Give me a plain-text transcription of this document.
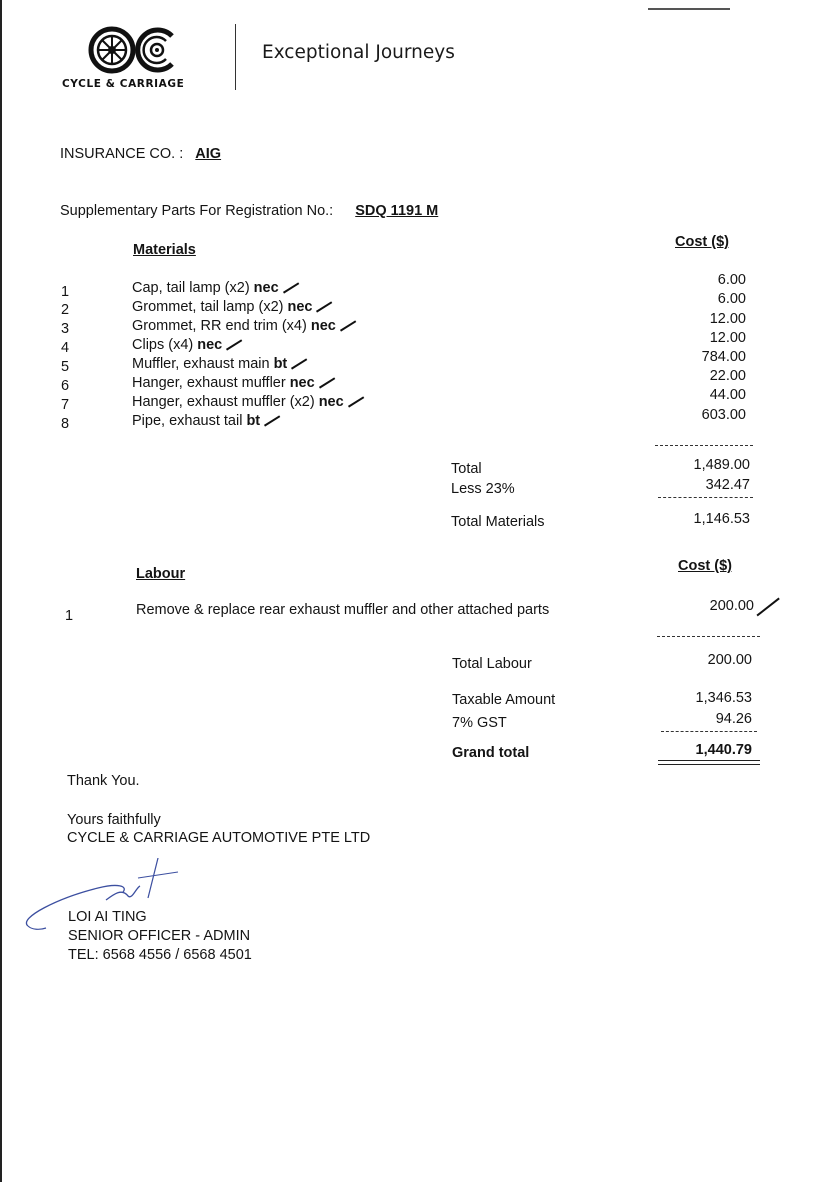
CYCLE & CARRIAGE
Exceptional Journeys
INSURANCE CO. : AIG
Supplementary Parts For Registration No.: SDQ 1191 M
Materials	Cost ($)
1	Cap, tail lamp (x2) nec	6.00
2	Grommet, tail lamp (x2) nec	6.00
3	Grommet, RR end trim (x4) nec	12.00
4	Clips (x4) nec	12.00
5	Muffler, exhaust main bt	784.00
6	Hanger, exhaust muffler nec	22.00
7	Hanger, exhaust muffler (x2) nec	44.00
8	Pipe, exhaust tail bt	603.00
Total	1,489.00
Less 23%	342.47
Total Materials	1,146.53
Labour	Cost ($)
1	Remove & replace rear exhaust muffler and other attached parts	200.00
Total Labour	200.00
Taxable Amount	1,346.53
7% GST	94.26
Grand total	1,440.79
Thank You.
Yours faithfully
CYCLE & CARRIAGE AUTOMOTIVE PTE LTD
LOI AI TING
SENIOR OFFICER - ADMIN
TEL: 6568 4556 / 6568 4501
